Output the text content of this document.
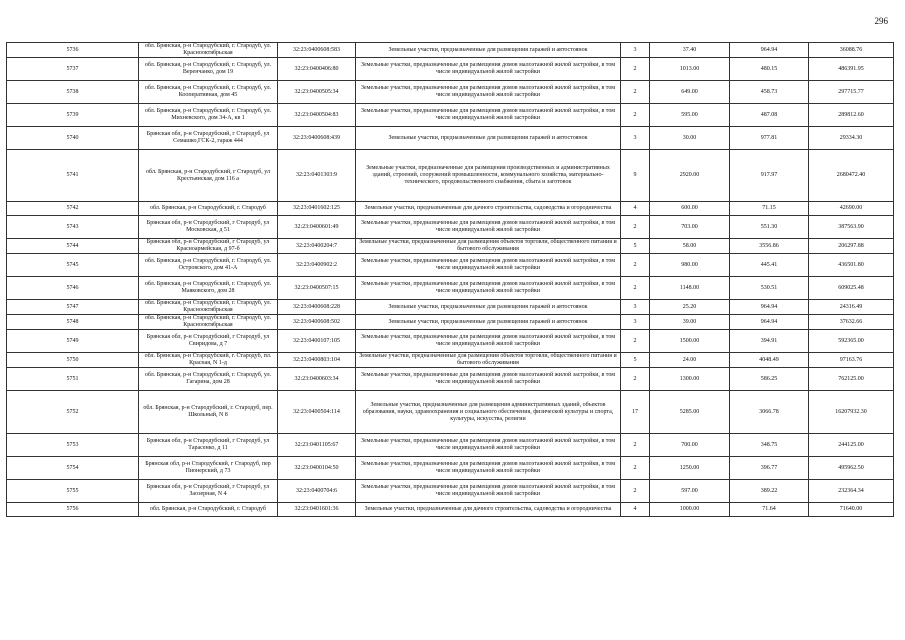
296
5736	обл. Брянская, р-н Стародубский, г. Стародуб, ул. Краснооктябрьская	32:23:0400608:583	Земельные участки, предназначенные для размещения гаражей и автостоянок	3	37.40	964.94	36088.76
5737	обл. Брянская, р-н Стародубский, г. Стародуб, ул. Веренчанко, дом 19	32:23:0400406:80	Земельные участки, предназначенные для размещения домов малоэтажной жилой застройки, в том числе индивидуальной жилой застройки	2	1013.00	480.15	486391.95
5738	обл. Брянская, р-н Стародубский, г. Стародуб, ул. Кооперативная, дом 45	32:23:0400505:34	Земельные участки, предназначенные для размещения домов малоэтажной жилой застройки, в том числе индивидуальной жилой застройки	2	649.00	458.73	297715.77
5739	обл. Брянская, р-н Стародубский, г. Стародуб, ул. Михневского, дом 34-А, кв 1	32:23:0400504:83	Земельные участки, предназначенные для размещения домов малоэтажной жилой застройки, в том числе индивидуальной жилой застройки	2	595.00	487.08	289812.60
5740	Брянская обл, р-н Стародубский, г Стародуб, ул Семашко,ГСК-2, гараж 444	32:23:0400608:439	Земельные участки, предназначенные для размещения гаражей и автостоянок	3	30.00	977.81	29334.30
5741	обл. Брянская, р-н Стародубский, г Стародуб, ул Крестьянская, дом 116 а	32:23:0401303:9	Земельные участки, предназначенные для размещения производственных и административных зданий, строений, сооружений промышленности, коммунального хозяйства, материально-технического, продовольственного снабжения, сбыта и заготовок	9	2920.00	917.97	2680472.40
5742	обл. Брянская, р-н Стародубский, г. Стародуб	32:23:0401602:125	Земельные участки, предназначенные для дачного строительства, садоводства и огородничества	4	600.00	71.15	42690.00
5743	Брянская обл, р-н Стародубский, г Стародуб, ул Московская, д 51	32:23:0400601:49	Земельные участки, предназначенные для размещения домов малоэтажной жилой застройки, в том числе индивидуальной жилой застройки	2	703.00	551.30	387563.90
5744	Брянская обл, р-н Стародубский, г Стародуб, ул Красноармейская, д 97-б	32:23:0400204:7	Земельные участки, предназначенные для размещения объектов торговли, общественного питания и бытового обслуживания	5	58.00	3556.86	206297.88
5745	обл. Брянская, р-н Стародубский, г. Стародуб, ул. Островского, дом 41-А	32:23:0400902:2	Земельные участки, предназначенные для размещения домов малоэтажной жилой застройки, в том числе индивидуальной жилой застройки	2	980.00	445.41	436501.80
5746	обл. Брянская, р-н Стародубский, г. Стародуб, ул. Маяковского, дом 28	32:23:0400507:15	Земельные участки, предназначенные для размещения домов малоэтажной жилой застройки, в том числе индивидуальной жилой застройки	2	1148.00	530.51	609025.48
5747	обл. Брянская, р-н Стародубский, г. Стародуб, ул. Краснооктябрьская	32:23:0400608:228	Земельные участки, предназначенные для размещения гаражей и автостоянок	3	25.20	964.94	24316.49
5748	обл. Брянская, р-н Стародубский, г. Стародуб, ул. Краснооктябрьская	32:23:0400608:502	Земельные участки, предназначенные для размещения гаражей и автостоянок	3	39.00	964.94	37632.66
5749	Брянская обл, р-н Стародубский, г Стародуб, ул Свиридова, д 7	32:23:0400107:105	Земельные участки, предназначенные для размещения домов малоэтажной жилой застройки, в том числе индивидуальной жилой застройки	2	1500.00	394.91	592365.00
5750	обл. Брянская, р-н Стародубский, г. Стародуб, пл. Красная, N 1-д	32:23:0400803:104	Земельные участки, предназначенные для размещения объектов торговли, общественного питания и бытового обслуживания	5	24.00	4048.49	97163.76
5751	обл. Брянская, р-н Стародубский, г. Стародуб, ул. Гагарина, дом 28	32:23:0400603:34	Земельные участки, предназначенные для размещения домов малоэтажной жилой застройки, в том числе индивидуальной жилой застройки	2	1300.00	586.25	762125.00
5752	обл. Брянская, р-н Стародубский, г. Стародуб, пер. Школьный, N 8	32:23:0400504:114	Земельные участки, предназначенные для размещения административных зданий, объектов образования, науки, здравоохранения и социального обеспечения, физической культуры и спорта, культуры, искусства, религии	17	5285.00	3066.78	16207932.30
5753	Брянская обл, р-н Стародубский, г Стародуб, ул Тарасенко, д 11	32:23:0401105:67	Земельные участки, предназначенные для размещения домов малоэтажной жилой застройки, в том числе индивидуальной жилой застройки	2	700.00	348.75	244125.00
5754	Брянская обл, р-н Стародубский, г Стародуб, пер Пионерский, д 73	32:23:0400104:50	Земельные участки, предназначенные для размещения домов малоэтажной жилой застройки, в том числе индивидуальной жилой застройки	2	1250.00	396.77	495962.50
5755	Брянская обл, р-н Стародубский, г Стародуб, ул Заозерная, N 4	32:23:0400704:6	Земельные участки, предназначенные для размещения домов малоэтажной жилой застройки, в том числе индивидуальной жилой застройки	2	597.00	389.22	232364.34
5756	обл. Брянская, р-н Стародубский, г. Стародуб	32:23:0401601:36	Земельные участки, предназначенные для дачного строительства, садоводства и огородничества	4	1000.00	71.64	71640.00
